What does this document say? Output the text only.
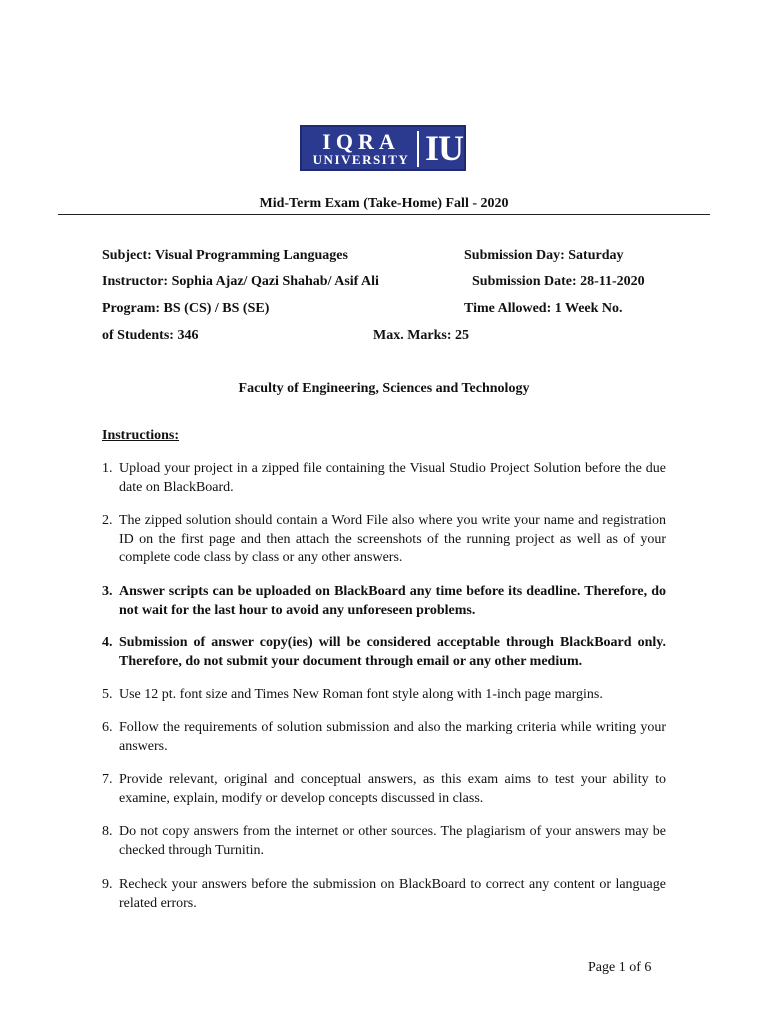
IQRA
UNIVERSITY IU
Mid-Term Exam (Take-Home) Fall - 2020
Subject: Visual Programming Languages	Submission Day: Saturday
Instructor: Sophia Ajaz/ Qazi Shahab/ Asif Ali	Submission Date: 28-11-2020
Program: BS (CS) / BS (SE)	Time Allowed: 1 Week No.
of Students: 346	Max. Marks: 25
Faculty of Engineering, Sciences and Technology
Instructions:
1. Upload your project in a zipped file containing the Visual Studio Project Solution before the due date on BlackBoard.
2. The zipped solution should contain a Word File also where you write your name and registration ID on the first page and then attach the screenshots of the running project as well as of your complete code class by class or any other answers.
3. Answer scripts can be uploaded on BlackBoard any time before its deadline. Therefore, do not wait for the last hour to avoid any unforeseen problems.
4. Submission of answer copy(ies) will be considered acceptable through BlackBoard only. Therefore, do not submit your document through email or any other medium.
5. Use 12 pt. font size and Times New Roman font style along with 1-inch page margins.
6. Follow the requirements of solution submission and also the marking criteria while writing your answers.
7. Provide relevant, original and conceptual answers, as this exam aims to test your ability to examine, explain, modify or develop concepts discussed in class.
8. Do not copy answers from the internet or other sources. The plagiarism of your answers may be checked through Turnitin.
9. Recheck your answers before the submission on BlackBoard to correct any content or language related errors.
Page 1 of 6
